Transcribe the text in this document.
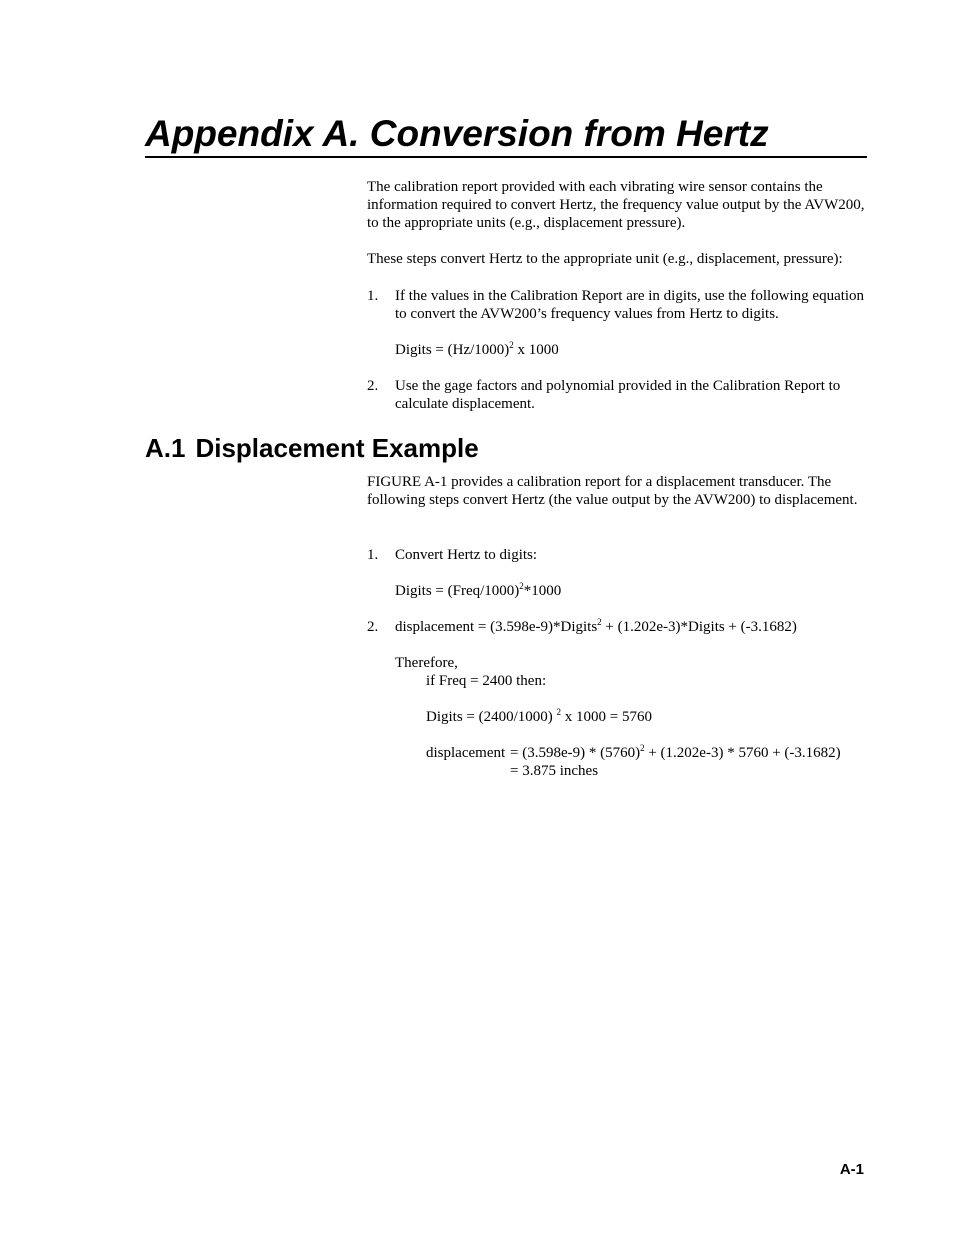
Appendix A. Conversion from Hertz

The calibration report provided with each vibrating wire sensor contains the information required to convert Hertz, the frequency value output by the AVW200, to the appropriate units (e.g., displacement pressure).

These steps convert Hertz to the appropriate unit (e.g., displacement, pressure):

1. If the values in the Calibration Report are in digits, use the following equation to convert the AVW200’s frequency values from Hertz to digits.

Digits = $(Hz/1000)^2$ x 1000

2. Use the gage factors and polynomial provided in the Calibration Report to calculate displacement.

A.1 Displacement Example

FIGURE A-1 provides a calibration report for a displacement transducer. The following steps convert Hertz (the value output by the AVW200) to displacement.

1. Convert Hertz to digits:

Digits = (Freq/1000)$^2$*1000

2. displacement = (3.598e-9)*Digits$^2$ + (1.202e-3)*Digits + (-3.1682)

Therefore,

if Freq = 2400 then:

Digits = (2400/1000) $^2$ x 1000 = 5760

displacement = $(3.598e-9) * (5760)^2 + (1.202e-3) * 5760 + (-3.1682)$

= 3.875 inches

A-1
